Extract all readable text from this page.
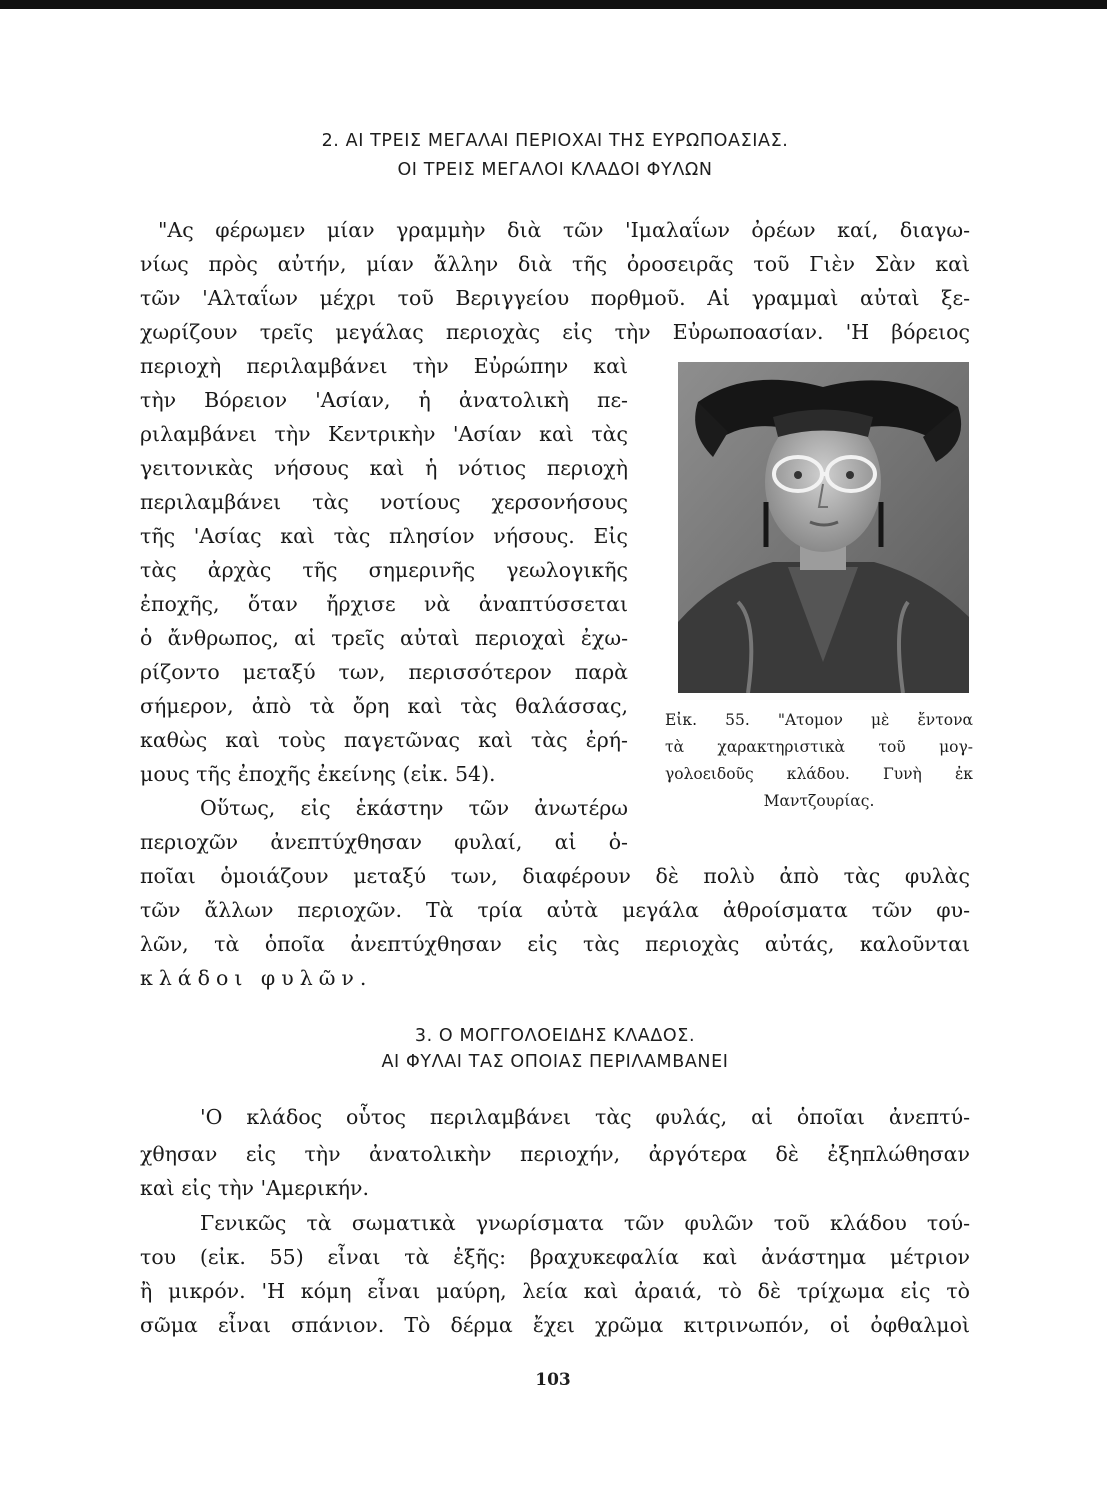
2. ΑΙ ΤΡΕΙΣ ΜΕΓΑΛΑΙ ΠΕΡΙΟΧΑΙ ΤΗΣ ΕΥΡΩΠΟΑΣΙΑΣ.
ΟΙ ΤΡΕΙΣ ΜΕΓΑΛΟΙ ΚΛΑΔΟΙ ΦΥΛΩΝ
"Ας φέρωμεν μίαν γραμμὴν διὰ τῶν 'Ιμαλαΐων ὀρέων καί, διαγω-
νίως πρὸς αὐτήν, μίαν ἄλλην διὰ τῆς ὀροσειρᾶς τοῦ Γιὲν Σὰν καὶ
τῶν 'Αλταΐων μέχρι τοῦ Βεριγγείου πορθμοῦ. Αἱ γραμμαὶ αὐταὶ ξε-
χωρίζουν τρεῖς μεγάλας περιοχὰς εἰς τὴν Εὐρωποασίαν. 'Η βόρειος
περιοχὴ περιλαμβάνει τὴν Εὐρώπην καὶ
τὴν Βόρειον 'Ασίαν, ἡ ἀνατολικὴ πε-
ριλαμβάνει τὴν Κεντρικὴν 'Ασίαν καὶ τὰς
γειτονικὰς νήσους καὶ ἡ νότιος περιοχὴ
περιλαμβάνει τὰς νοτίους χερσονήσους
τῆς 'Ασίας καὶ τὰς πλησίον νήσους. Εἰς
τὰς ἀρχὰς τῆς σημερινῆς γεωλογικῆς
ἐποχῆς, ὅταν ἤρχισε νὰ ἀναπτύσσεται
ὁ ἄνθρωπος, αἱ τρεῖς αὐταὶ περιοχαὶ ἐχω-
ρίζοντο μεταξύ των, περισσότερον παρὰ
σήμερον, ἀπὸ τὰ ὄρη καὶ τὰς θαλάσσας,
καθὼς καὶ τοὺς παγετῶνας καὶ τὰς ἐρή-
μους τῆς ἐποχῆς ἐκείνης (εἰκ. 54).
Οὕτως, εἰς ἑκάστην τῶν ἀνωτέρω
περιοχῶν ἀνεπτύχθησαν φυλαί, αἱ ὁ-
ποῖαι ὁμοιάζουν μεταξύ των, διαφέρουν δὲ πολὺ ἀπὸ τὰς φυλὰς
τῶν ἄλλων περιοχῶν. Τὰ τρία αὐτὰ μεγάλα ἀθροίσματα τῶν φυ-
λῶν, τὰ ὁποῖα ἀνεπτύχθησαν εἰς τὰς περιοχὰς αὐτάς, καλοῦνται
κλάδοι φυλῶν.
Εἰκ. 55. "Ατομον μὲ ἔντονα
τὰ χαρακτηριστικὰ τοῦ μογ-
γολοειδοῦς κλάδου. Γυνὴ ἐκ
Μαντζουρίας.
3. Ο ΜΟΓΓΟΛΟΕΙΔΗΣ ΚΛΑΔΟΣ.
ΑΙ ΦΥΛΑΙ ΤΑΣ ΟΠΟΙΑΣ ΠΕΡΙΛΑΜΒΑΝΕΙ
'Ο κλάδος οὗτος περιλαμβάνει τὰς φυλάς, αἱ ὁποῖαι ἀνεπτύ-
χθησαν εἰς τὴν ἀνατολικὴν περιοχήν, ἀργότερα δὲ ἐξηπλώθησαν
καὶ εἰς τὴν 'Αμερικήν.
Γενικῶς τὰ σωματικὰ γνωρίσματα τῶν φυλῶν τοῦ κλάδου τού-
του (εἰκ. 55) εἶναι τὰ ἑξῆς: βραχυκεφαλία καὶ ἀνάστημα μέτριον
ἢ μικρόν. 'Η κόμη εἶναι μαύρη, λεία καὶ ἀραιά, τὸ δὲ τρίχωμα εἰς τὸ
σῶμα εἶναι σπάνιον. Τὸ δέρμα ἔχει χρῶμα κιτρινωπόν, οἱ ὀφθαλμοὶ
103
